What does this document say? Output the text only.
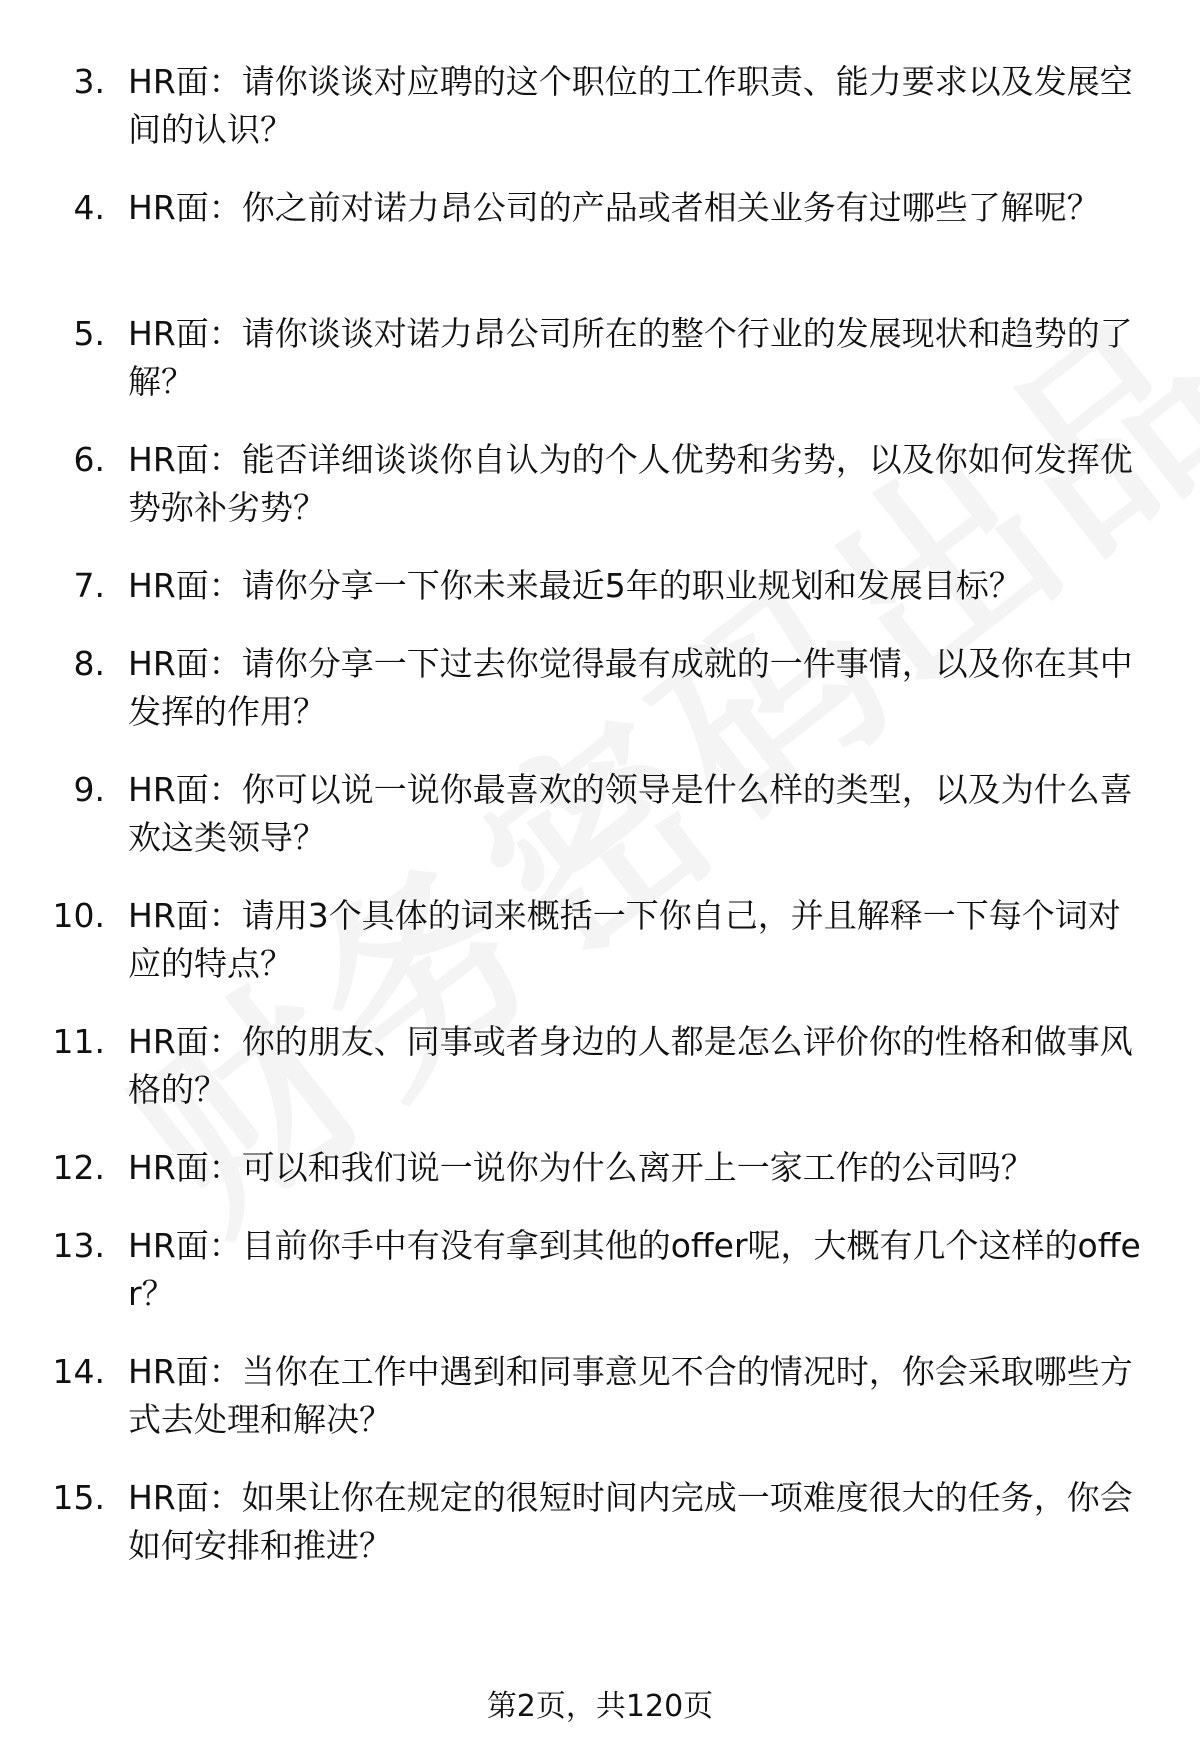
3. HR面：请你谈谈对应聘的这个职位的工作职责、能力要求以及发展空间的认识？
4. HR面：你之前对诺力昂公司的产品或者相关业务有过哪些了解呢？
5. HR面：请你谈谈对诺力昂公司所在的整个行业的发展现状和趋势的了解？
6. HR面：能否详细谈谈你自认为的个人优势和劣势，以及你如何发挥优势弥补劣势？
7. HR面：请你分享一下你未来最近5年的职业规划和发展目标？
8. HR面：请你分享一下过去你觉得最有成就的一件事情，以及你在其中发挥的作用？
9. HR面：你可以说一说你最喜欢的领导是什么样的类型，以及为什么喜欢这类领导？
10. HR面：请用3个具体的词来概括一下你自己，并且解释一下每个词对应的特点？
11. HR面：你的朋友、同事或者身边的人都是怎么评价你的性格和做事风格的？
12. HR面：可以和我们说一说你为什么离开上一家工作的公司吗？
13. HR面：目前你手中有没有拿到其他的offer呢，大概有几个这样的offer？
14. HR面：当你在工作中遇到和同事意见不合的情况时，你会采取哪些方式去处理和解决？
15. HR面：如果让你在规定的很短时间内完成一项难度很大的任务，你会如何安排和推进？
第2页，共120页
